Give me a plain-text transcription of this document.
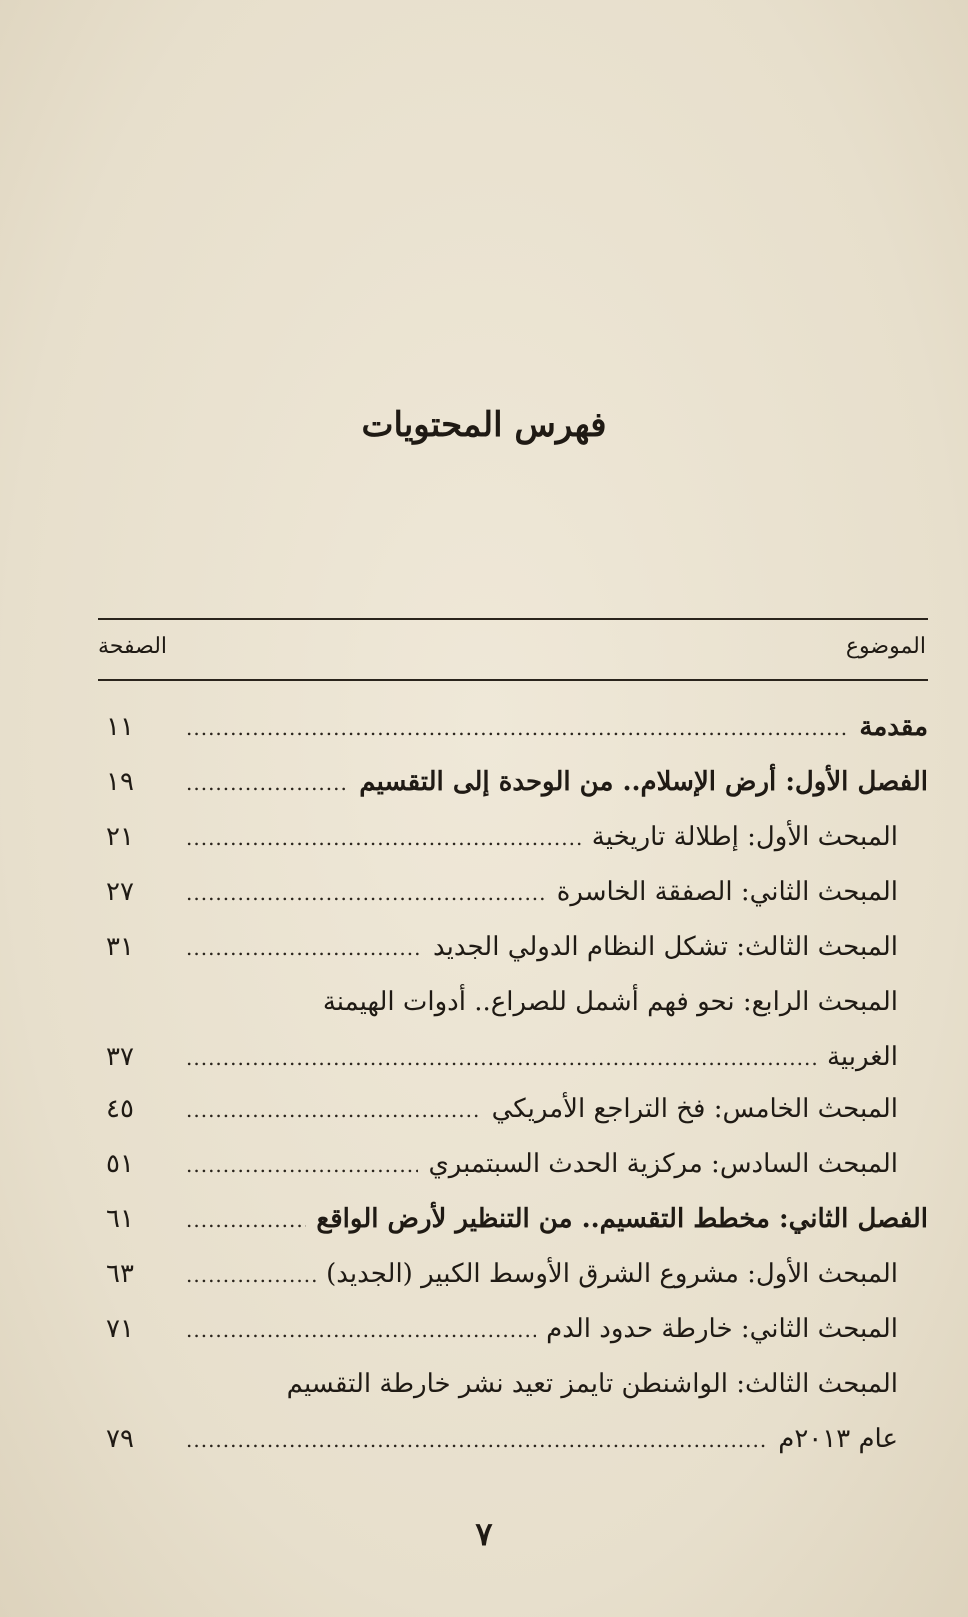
فهرس المحتويات
الموضوع
الصفحة
مقدمة
.....
١١
الفصل الأول: أرض الإسلام.. من الوحدة إلى التقسيم
.....
١٩
المبحث الأول: إطلالة تاريخية
.....
٢١
المبحث الثاني: الصفقة الخاسرة
.....
٢٧
المبحث الثالث: تشكل النظام الدولي الجديد
.....
٣١
المبحث الرابع: نحو فهم أشمل للصراع.. أدوات الهيمنة
الغربية
.....
٣٧
المبحث الخامس: فخ التراجع الأمريكي
.....
٤٥
المبحث السادس: مركزية الحدث السبتمبري
.....
٥١
الفصل الثاني: مخطط التقسيم.. من التنظير لأرض الواقع
.....
٦١
المبحث الأول: مشروع الشرق الأوسط الكبير (الجديد)
.....
٦٣
المبحث الثاني: خارطة حدود الدم
.....
٧١
المبحث الثالث: الواشنطن تايمز تعيد نشر خارطة التقسيم
عام ٢٠١٣م
.....
٧٩
٧
